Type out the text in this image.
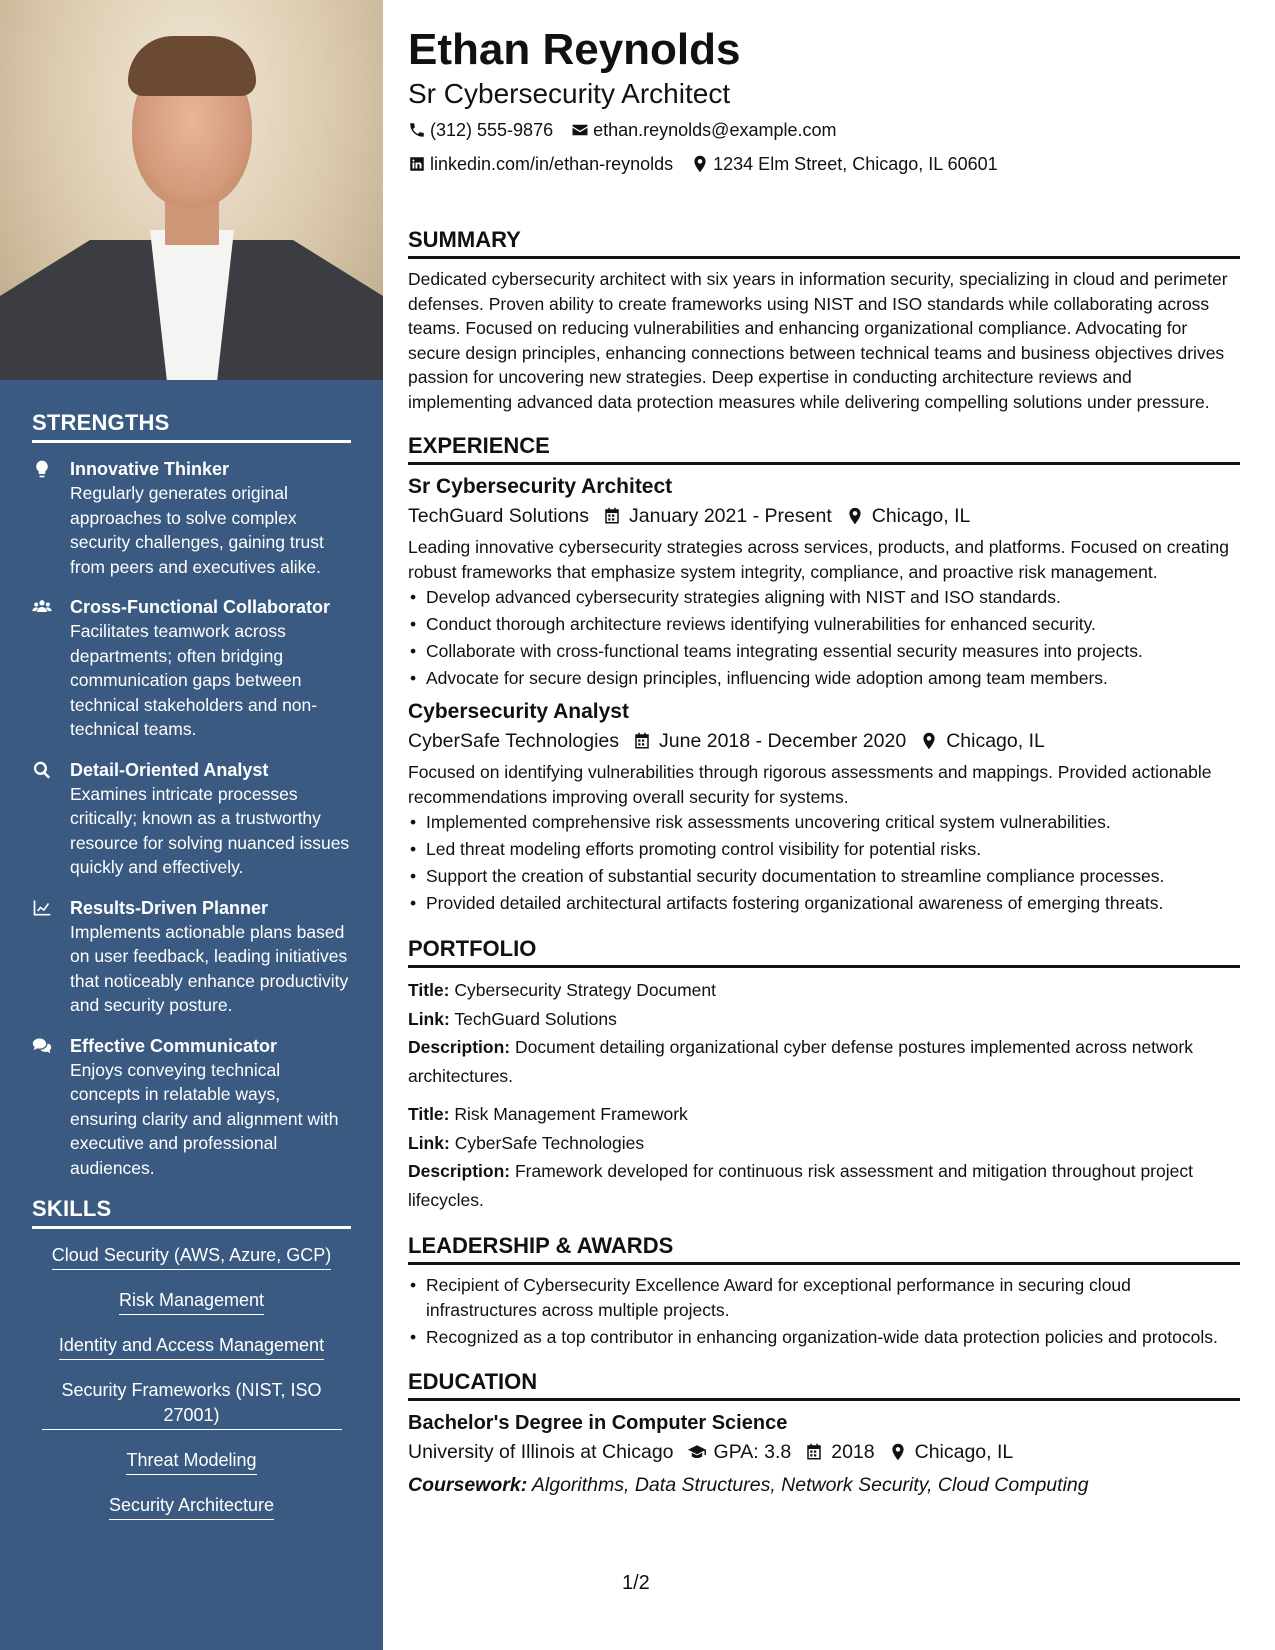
STRENGTHS
Innovative Thinker
Regularly generates original approaches to solve complex security challenges, gaining trust from peers and executives alike.
Cross-Functional Collaborator
Facilitates teamwork across departments; often bridging communication gaps between technical stakeholders and non-technical teams.
Detail-Oriented Analyst
Examines intricate processes critically; known as a trustworthy resource for solving nuanced issues quickly and effectively.
Results-Driven Planner
Implements actionable plans based on user feedback, leading initiatives that noticeably enhance productivity and security posture.
Effective Communicator
Enjoys conveying technical concepts in relatable ways, ensuring clarity and alignment with executive and professional audiences.
SKILLS
Cloud Security (AWS, Azure, GCP)
Risk Management
Identity and Access Management
Security Frameworks (NIST, ISO 27001)
Threat Modeling
Security Architecture
Ethan Reynolds
Sr Cybersecurity Architect
(312) 555-9876 ethan.reynolds@example.com
linkedin.com/in/ethan-reynolds 1234 Elm Street, Chicago, IL 60601
SUMMARY
Dedicated cybersecurity architect with six years in information security, specializing in cloud and perimeter defenses. Proven ability to create frameworks using NIST and ISO standards while collaborating across teams. Focused on reducing vulnerabilities and enhancing organizational compliance. Advocating for secure design principles, enhancing connections between technical teams and business objectives drives passion for uncovering new strategies. Deep expertise in conducting architecture reviews and implementing advanced data protection measures while delivering compelling solutions under pressure.
EXPERIENCE
Sr Cybersecurity Architect
TechGuard Solutions January 2021 - Present Chicago, IL
Leading innovative cybersecurity strategies across services, products, and platforms. Focused on creating robust frameworks that emphasize system integrity, compliance, and proactive risk management.
• Develop advanced cybersecurity strategies aligning with NIST and ISO standards.
• Conduct thorough architecture reviews identifying vulnerabilities for enhanced security.
• Collaborate with cross-functional teams integrating essential security measures into projects.
• Advocate for secure design principles, influencing wide adoption among team members.
Cybersecurity Analyst
CyberSafe Technologies June 2018 - December 2020 Chicago, IL
Focused on identifying vulnerabilities through rigorous assessments and mappings. Provided actionable recommendations improving overall security for systems.
• Implemented comprehensive risk assessments uncovering critical system vulnerabilities.
• Led threat modeling efforts promoting control visibility for potential risks.
• Support the creation of substantial security documentation to streamline compliance processes.
• Provided detailed architectural artifacts fostering organizational awareness of emerging threats.
PORTFOLIO
Title: Cybersecurity Strategy Document
Link: TechGuard Solutions
Description: Document detailing organizational cyber defense postures implemented across network architectures.
Title: Risk Management Framework
Link: CyberSafe Technologies
Description: Framework developed for continuous risk assessment and mitigation throughout project lifecycles.
LEADERSHIP & AWARDS
• Recipient of Cybersecurity Excellence Award for exceptional performance in securing cloud infrastructures across multiple projects.
• Recognized as a top contributor in enhancing organization-wide data protection policies and protocols.
EDUCATION
Bachelor's Degree in Computer Science
University of Illinois at Chicago GPA: 3.8 2018 Chicago, IL
Coursework: Algorithms, Data Structures, Network Security, Cloud Computing
1/2
